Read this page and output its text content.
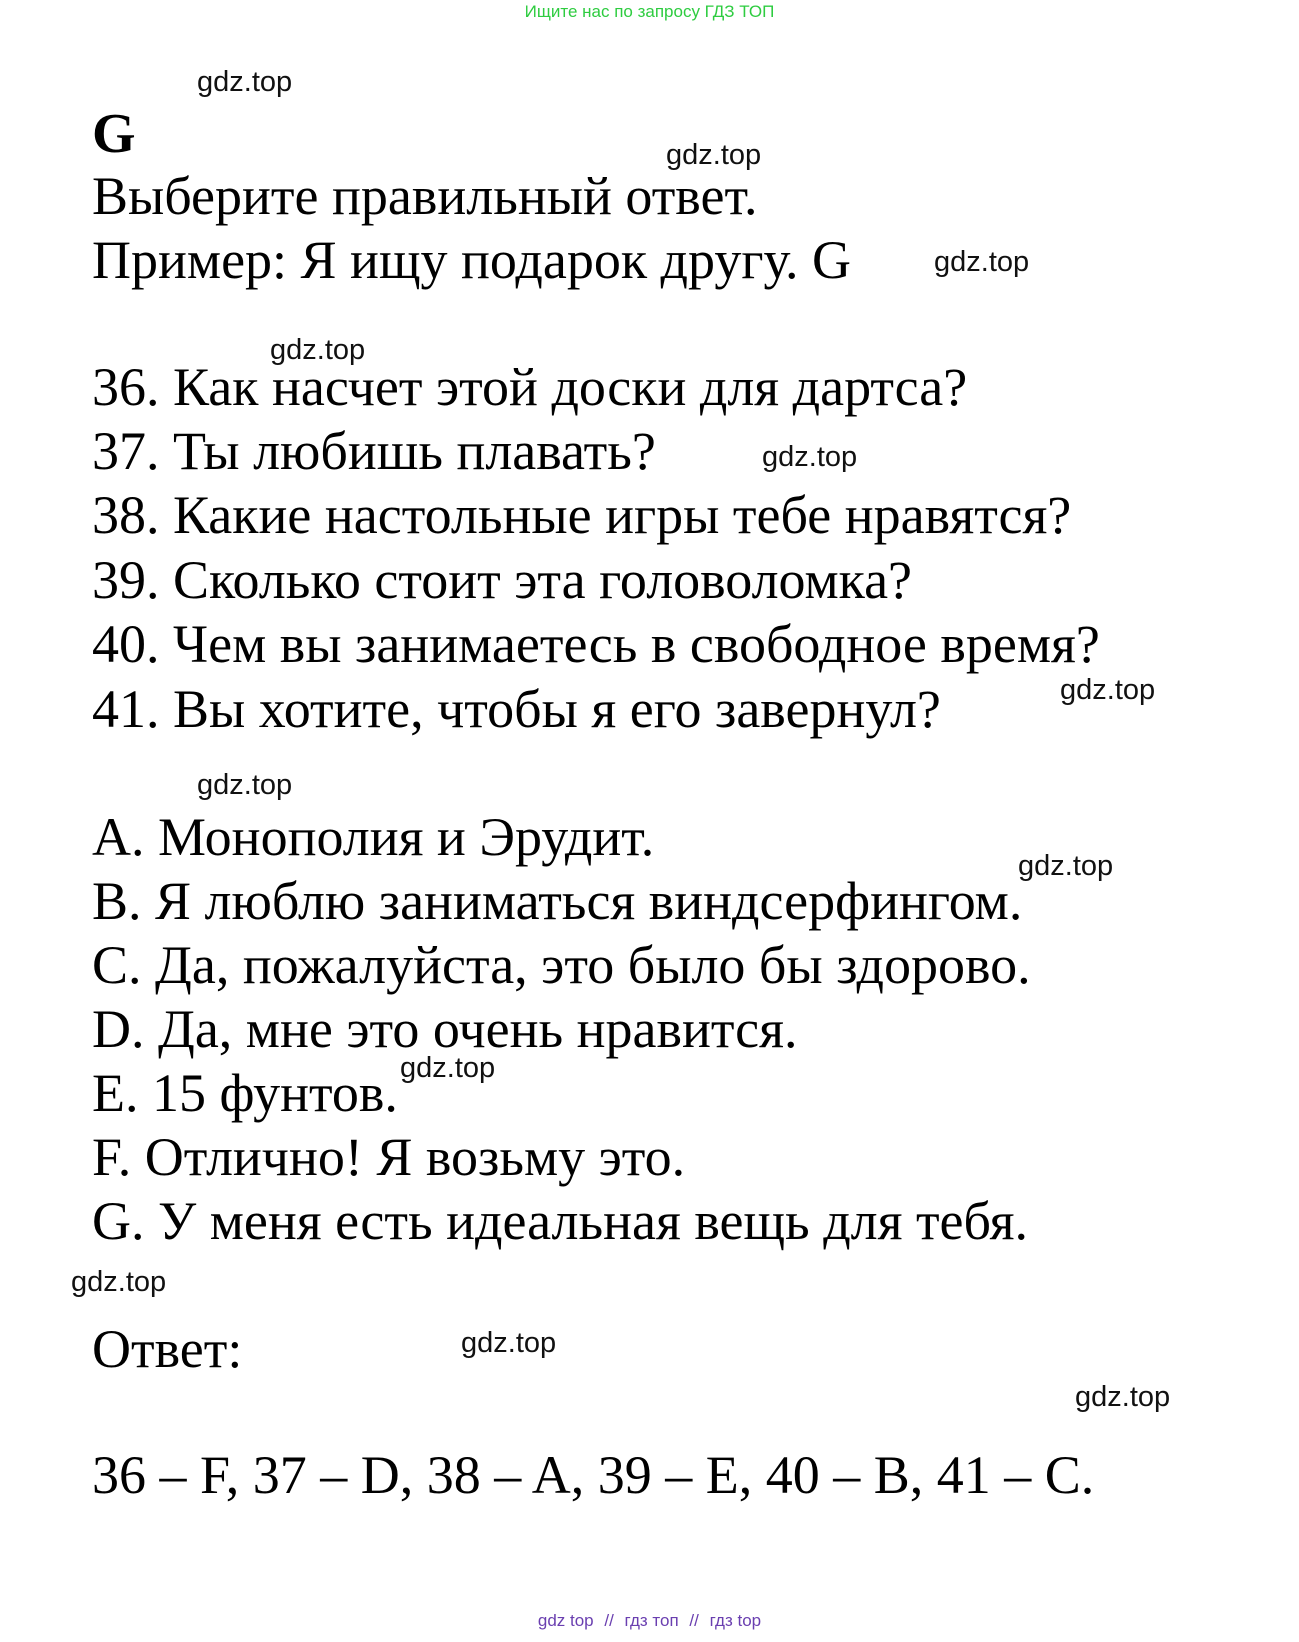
Ищите нас по запросу ГДЗ ТОП
G
Выберите правильный ответ.
Пример: Я ищу подарок другу. G
36. Как насчет этой доски для дартса?
37. Ты любишь плавать?
38. Какие настольные игры тебе нравятся?
39. Сколько стоит эта головоломка?
40. Чем вы занимаетесь в свободное время?
41. Вы хотите, чтобы я его завернул?
A. Монополия и Эрудит.
B. Я люблю заниматься виндсерфингом.
C. Да, пожалуйста, это было бы здорово.
D. Да, мне это очень нравится.
E. 15 фунтов.
F. Отлично! Я возьму это.
G. У меня есть идеальная вещь для тебя.
Ответ:
36 – F, 37 – D, 38 – A, 39 – E, 40 – B, 41 – C.
gdz.top
gdz.top
gdz.top
gdz.top
gdz.top
gdz.top
gdz.top
gdz.top
gdz.top
gdz.top
gdz.top
gdz.top
gdz top // гдз топ // гдз top
